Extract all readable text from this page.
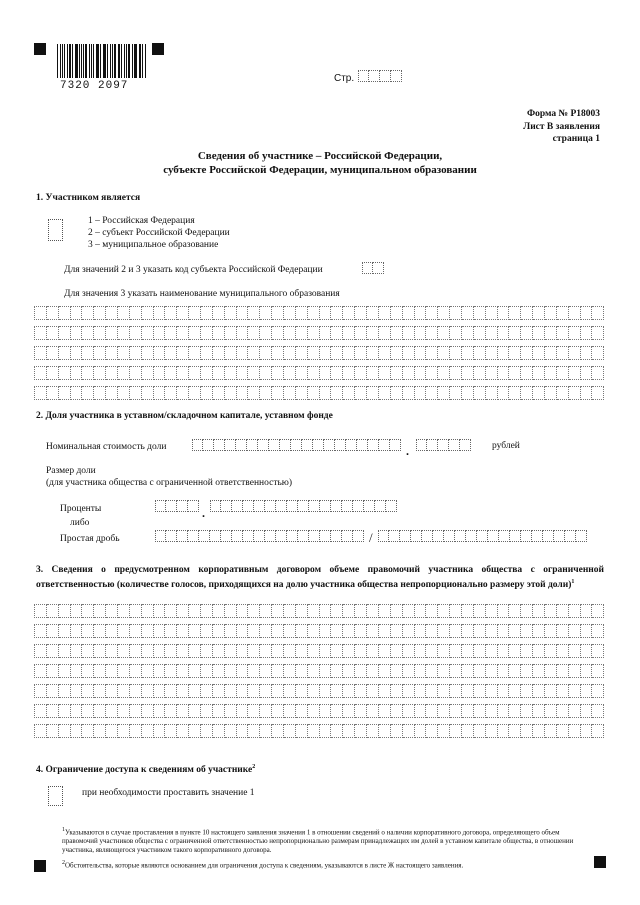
7320 2097
Стр.
Форма № Р18003
Лист В заявления
страница 1
Сведения об участнике – Российской Федерации,
субъекте Российской Федерации, муниципальном образовании
1. Участником является
1 – Российская Федерация
2 – субъект Российской Федерации
3 – муниципальное образование
Для значений 2 и 3 указать код субъекта Российской Федерации
Для значения 3 указать наименование муниципального образования
2. Доля участника в уставном/складочном капитале, уставном фонде
Номинальная стоимость доли	.	рублей
Размер доли
(для участника общества с ограниченной ответственностью)
Проценты	.
либо
Простая дробь	/
3. Сведения о предусмотренном корпоративным договором объеме правомочий участника общества с ограниченной ответственностью (количестве голосов, приходящихся на долю участника общества непропорционально размеру этой доли)$^1$
4. Ограничение доступа к сведениям об участнике$^2$
при необходимости проставить значение 1
$^1$Указываются в случае проставления в пункте 10 настоящего заявления значения 1 в отношении сведений о наличии корпоративного договора, определяющего объем правомочий участников общества с ограниченной ответственностью непропорционально размерам принадлежащих им долей в уставном капитале общества, в отношении участника, являющегося участником такого корпоративного договора.
$^2$Обстоятельства, которые являются основанием для ограничения доступа к сведениям, указываются в листе Ж настоящего заявления.
